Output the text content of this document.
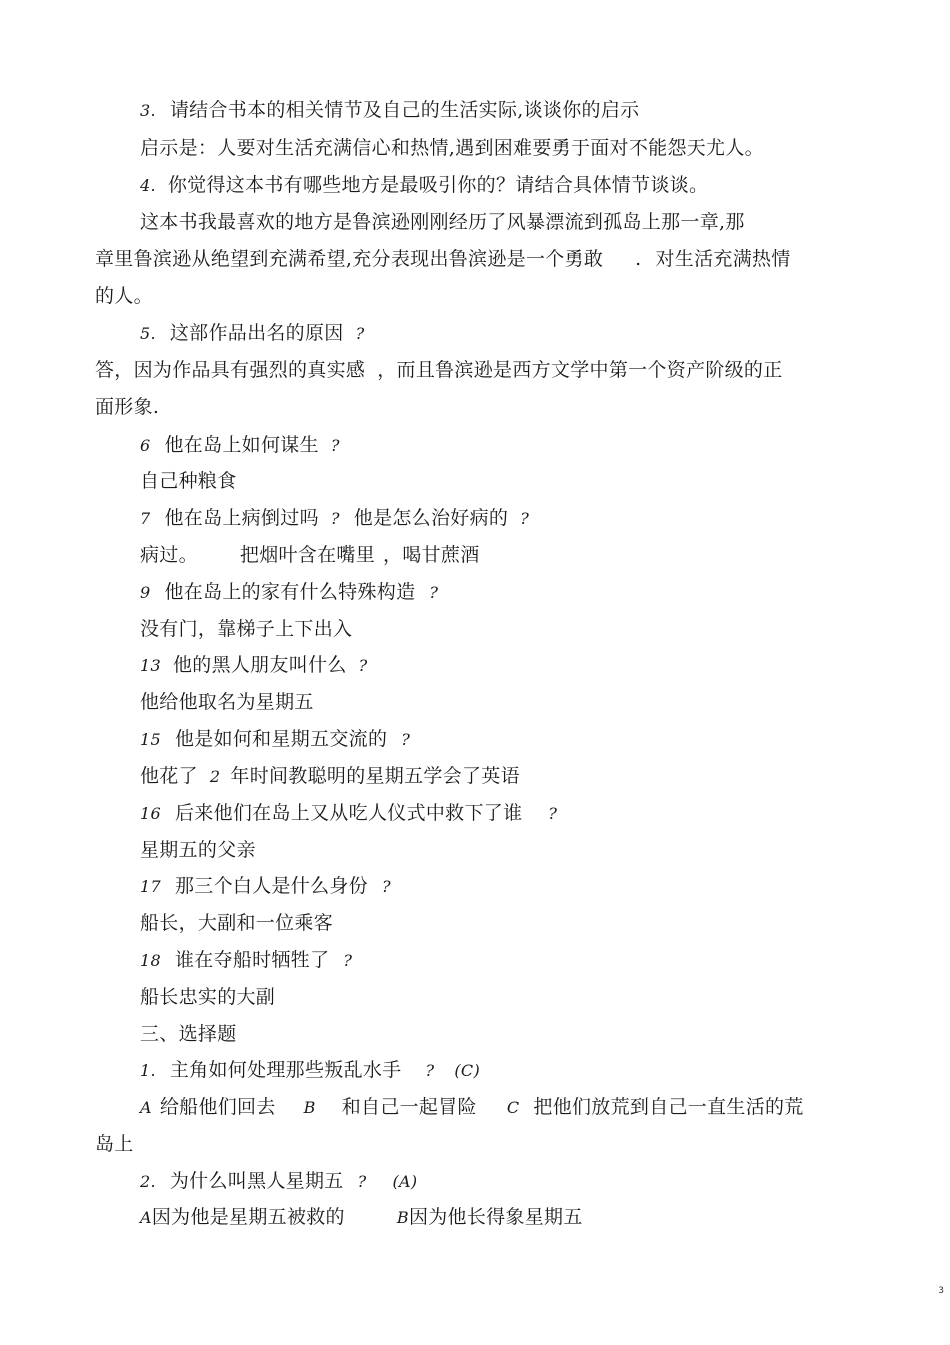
3. 请结合书本的相关情节及自己的生活实际,谈谈你的启示
启示是：人要对生活充满信心和热情,遇到困难要勇于面对不能怨天尤人。
4. 你觉得这本书有哪些地方是最吸引你的？请结合具体情节谈谈。
这本书我最喜欢的地方是鲁滨逊刚刚经历了风暴漂流到孤岛上那一章,那
章里鲁滨逊从绝望到充满希望,充分表现出鲁滨逊是一个勇敢 . 对生活充满热情
的人。
5. 这部作品出名的原因 ?
答，因为作品具有强烈的真实感 ，而且鲁滨逊是西方文学中第一个资产阶级的正
面形象.
6 他在岛上如何谋生 ?
自己种粮食
7 他在岛上病倒过吗 ? 他是怎么治好病的 ?
病过。 把烟叶含在嘴里 ，喝甘蔗酒
9 他在岛上的家有什么特殊构造 ?
没有门，靠梯子上下出入
13 他的黑人朋友叫什么 ?
他给他取名为星期五
15 他是如何和星期五交流的 ?
他花了 2 年时间教聪明的星期五学会了英语
16 后来他们在岛上又从吃人仪式中救下了谁 ?
星期五的父亲
17 那三个白人是什么身份 ?
船长，大副和一位乘客
18 谁在夺船时牺牲了 ?
船长忠实的大副
三、选择题
1. 主角如何处理那些叛乱水手 ? (C)
A 给船他们回去 B 和自己一起冒险 C 把他们放荒到自己一直生活的荒
岛上
2. 为什么叫黑人星期五 ? (A)
A因为他是星期五被救的	B因为他长得象星期五
3
